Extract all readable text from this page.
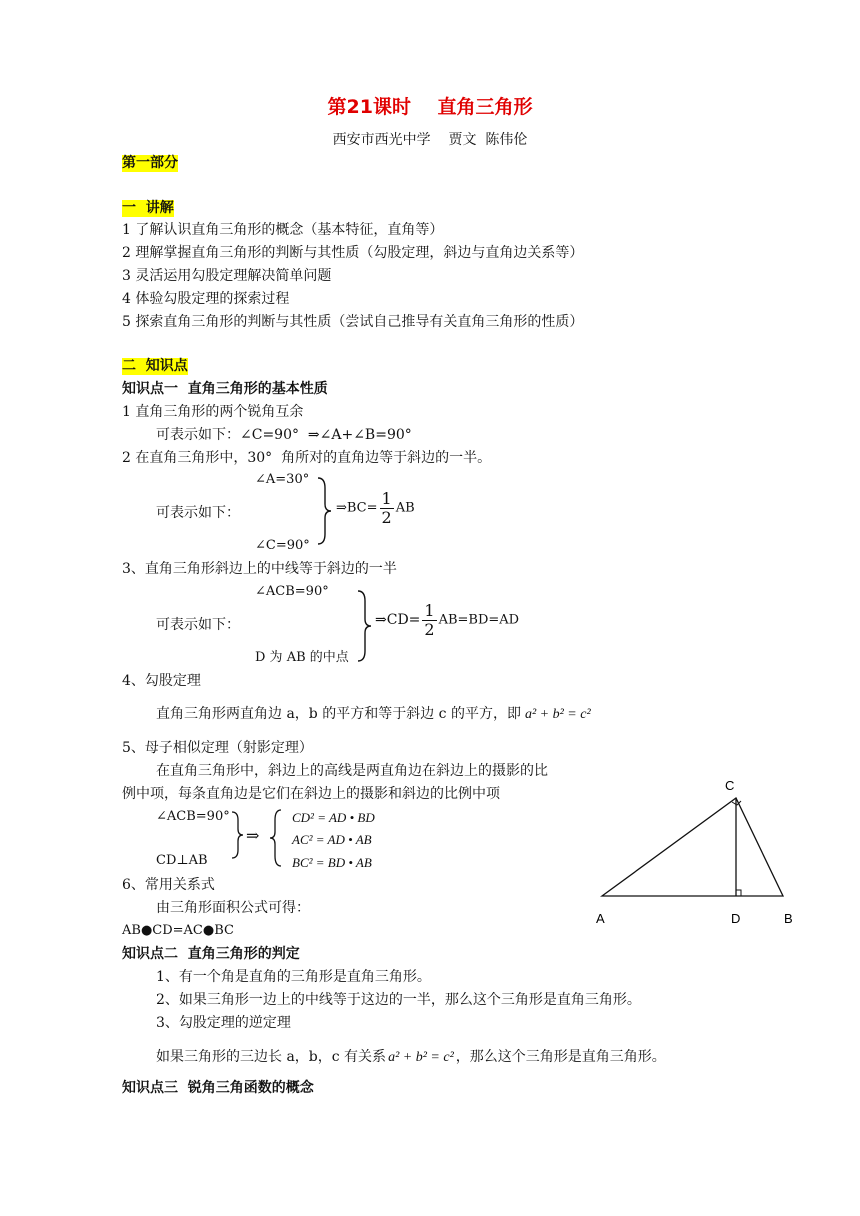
第21课时    直角三角形
西安市西光中学    贾文  陈伟伦
第一部分
一  讲解
1 了解认识直角三角形的概念（基本特征，直角等）
2 理解掌握直角三角形的判断与其性质（勾股定理，斜边与直角边关系等）
3 灵活运用勾股定理解决简单问题
4 体验勾股定理的探索过程
5 探索直角三角形的判断与其性质（尝试自己推导有关直角三角形的性质）
二  知识点
知识点一  直角三角形的基本性质
1 直角三角形的两个锐角互余
可表示如下：∠C=90°  ⇒∠A+∠B=90°
2 在直角三角形中，30°  角所对的直角边等于斜边的一半。
∠A=30°
可表示如下：	⇒BC= $\frac{1}{2}$ AB
∠C=90°
3、直角三角形斜边上的中线等于斜边的一半
∠ACB=90°
可表示如下：	⇒CD= $\frac{1}{2} AB=BD=AD$
D 为 AB 的中点
4、勾股定理
直角三角形两直角边 a，b 的平方和等于斜边 c 的平方，即 a² + b² = c²
5、母子相似定理（射影定理）
在直角三角形中，斜边上的高线是两直角边在斜边上的摄影的比
例中项，每条直角边是它们在斜边上的摄影和斜边的比例中项
∠ACB=90°
⇒
CD² = AD • BD
AC² = AD • AB
BC² = BD • AB
CD⊥AB
6、常用关系式
由三角形面积公式可得：
AB●CD=AC●BC
知识点二  直角三角形的判定
1、有一个角是直角的三角形是直角三角形。
2、如果三角形一边上的中线等于这边的一半，那么这个三角形是直角三角形。
3、勾股定理的逆定理
如果三角形的三边长 a，b，c 有关系 a² + b² = c² ，那么这个三角形是直角三角形。
知识点三  锐角三角函数的概念
C
A	D	B
